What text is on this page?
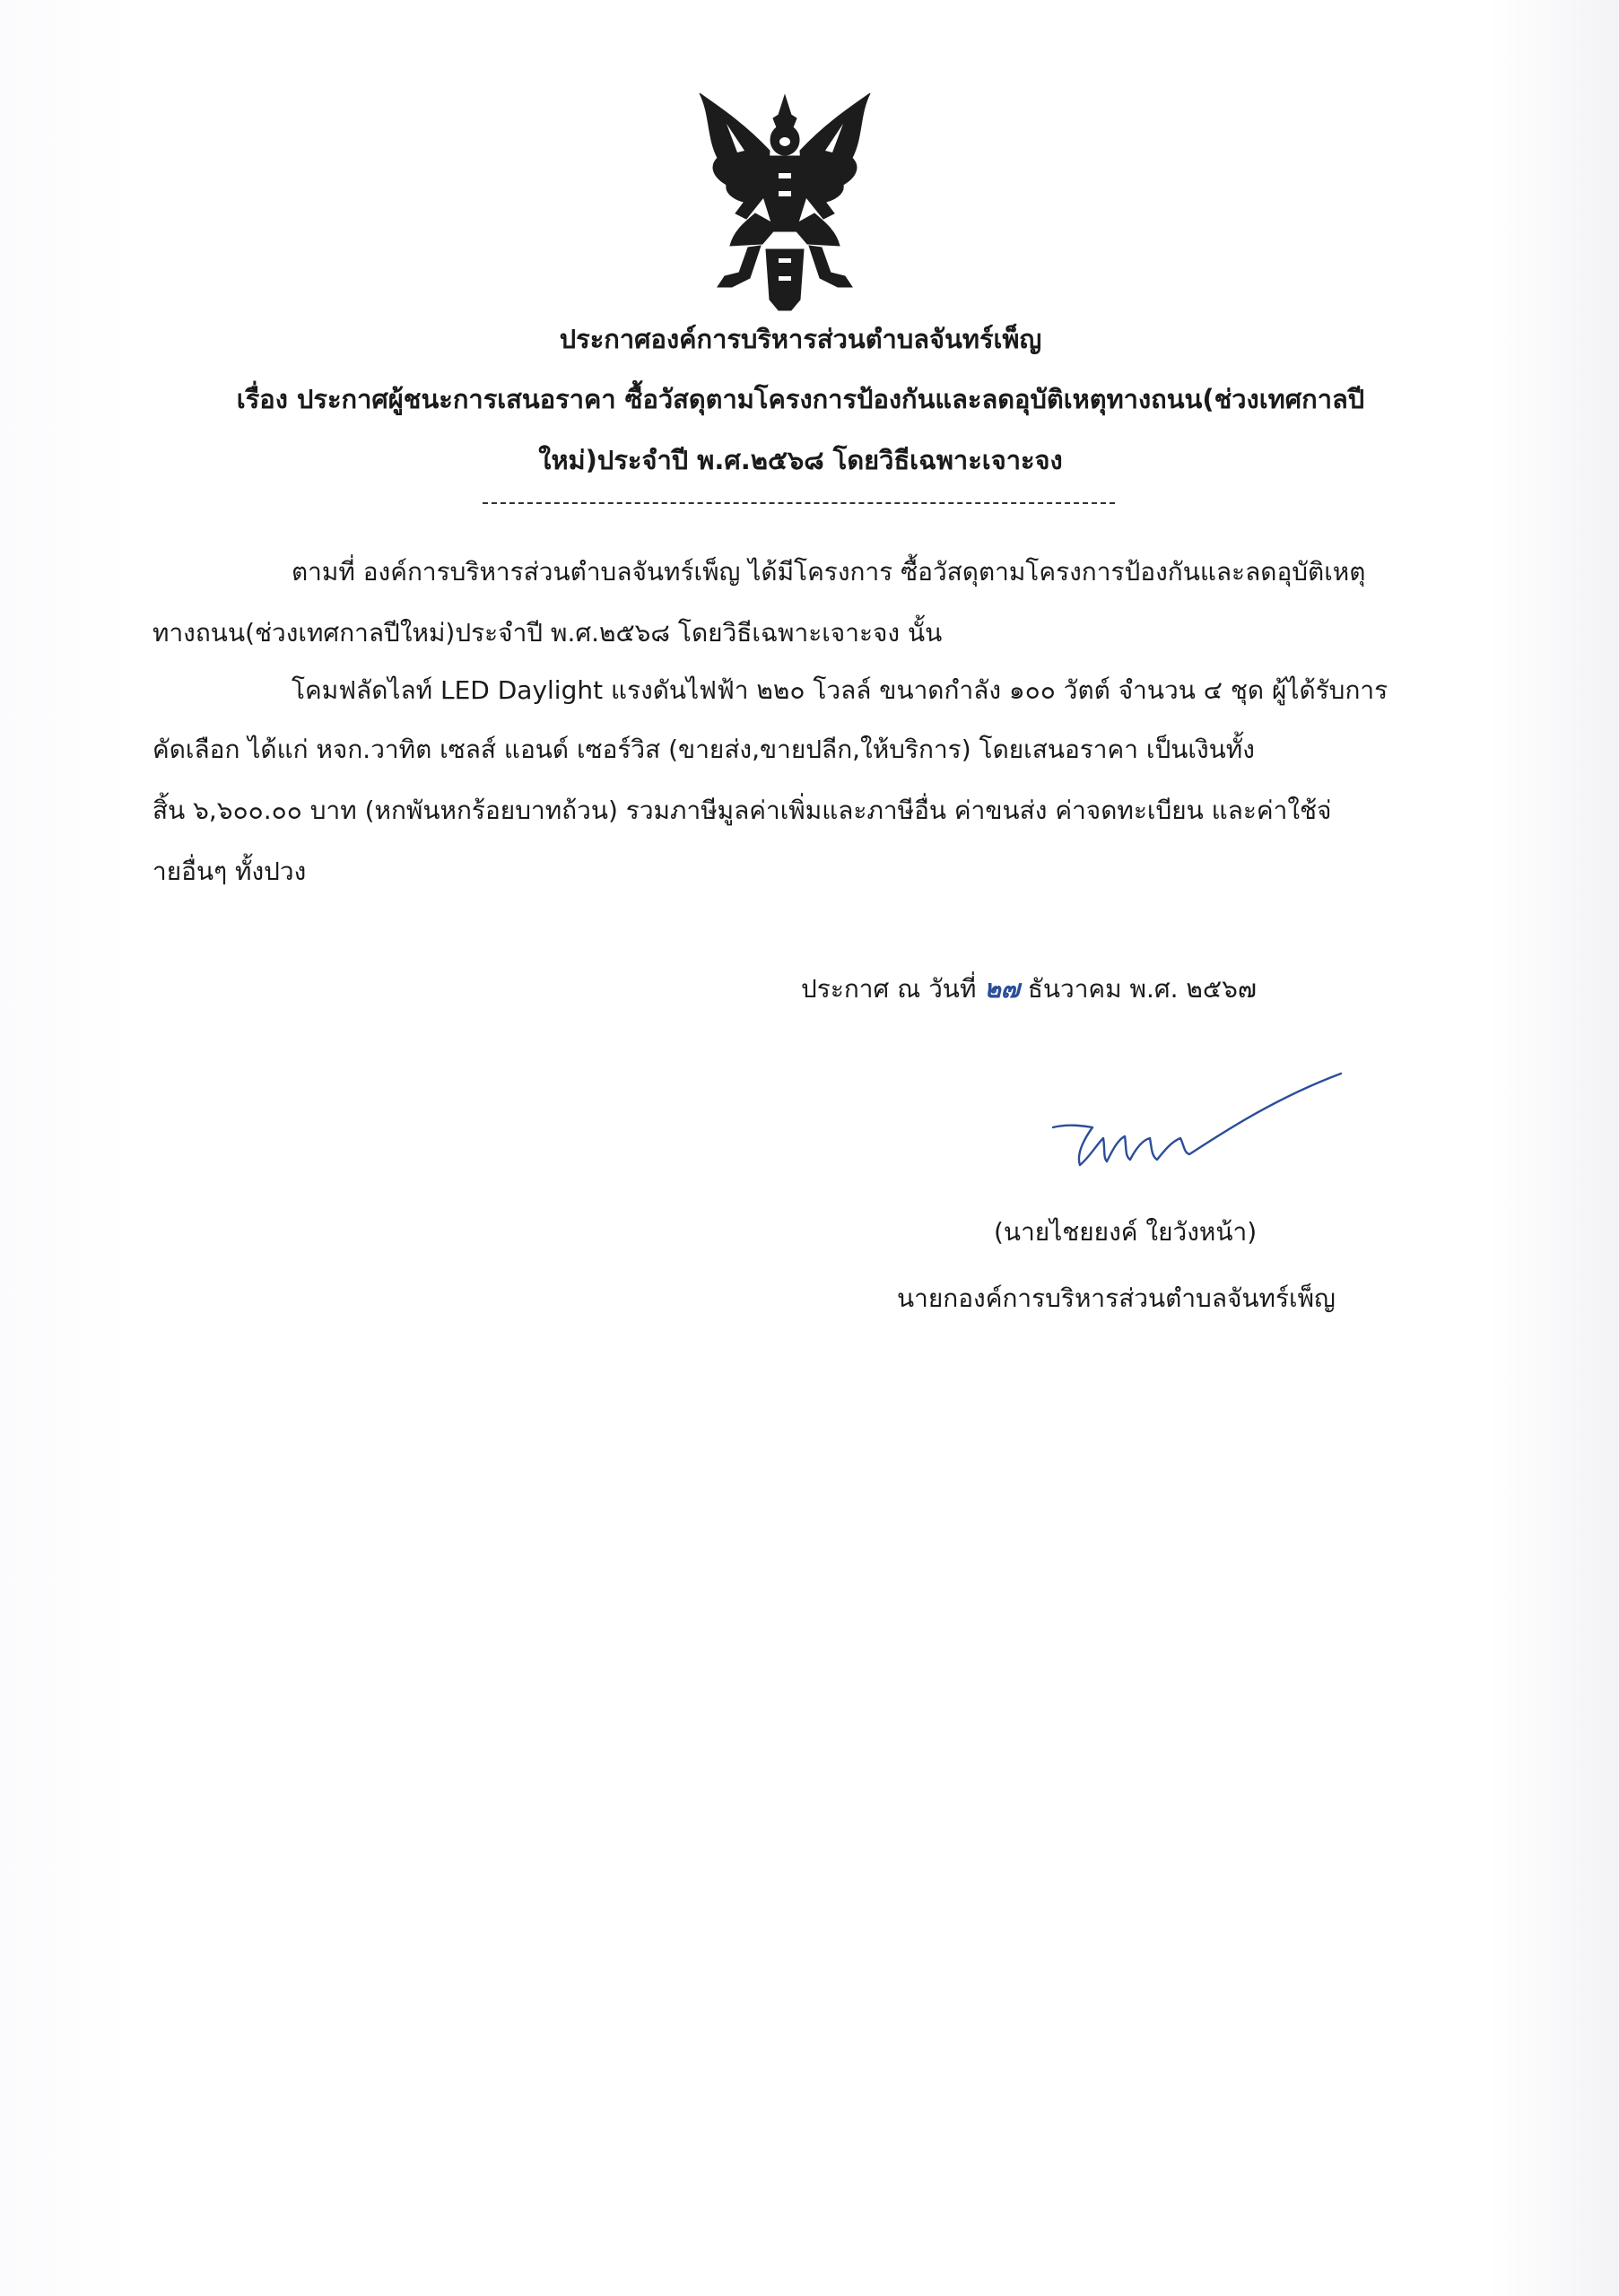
ประกาศองค์การบริหารส่วนตำบลจันทร์เพ็ญ
เรื่อง ประกาศผู้ชนะการเสนอราคา ซื้อวัสดุตามโครงการป้องกันและลดอุบัติเหตุทางถนน(ช่วงเทศกาลปี
ใหม่)ประจำปี พ.ศ.๒๕๖๘ โดยวิธีเฉพาะเจาะจง
ตามที่ องค์การบริหารส่วนตำบลจันทร์เพ็ญ ได้มีโครงการ ซื้อวัสดุตามโครงการป้องกันและลดอุบัติเหตุ
ทางถนน(ช่วงเทศกาลปีใหม่)ประจำปี พ.ศ.๒๕๖๘ โดยวิธีเฉพาะเจาะจง นั้น
โคมฟลัดไลท์ LED Daylight แรงดันไฟฟ้า ๒๒๐ โวลล์ ขนาดกำลัง ๑๐๐ วัตต์ จำนวน ๔ ชุด ผู้ได้รับการ
คัดเลือก ได้แก่ หจก.วาทิต เซลส์ แอนด์ เซอร์วิส (ขายส่ง,ขายปลีก,ให้บริการ) โดยเสนอราคา เป็นเงินทั้ง
สิ้น ๖,๖๐๐.๐๐ บาท (หกพันหกร้อยบาทถ้วน) รวมภาษีมูลค่าเพิ่มและภาษีอื่น ค่าขนส่ง ค่าจดทะเบียน และค่าใช้จ่
ายอื่นๆ ทั้งปวง
ประกาศ ณ วันที่ ๒๗ ธันวาคม พ.ศ. ๒๕๖๗
(นายไชยยงค์ ใยวังหน้า)
นายกองค์การบริหารส่วนตำบลจันทร์เพ็ญ
